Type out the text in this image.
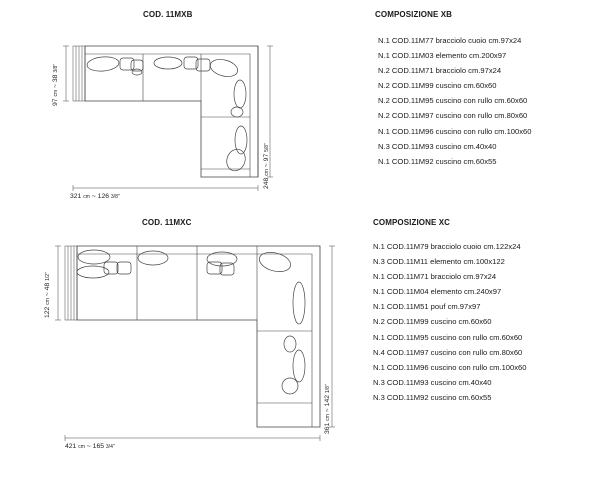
COD. 11MXB	COMPOSIZIONE XB
COD. 11MXC	COMPOSIZIONE XC
N.1 COD.11M77 bracciolo cuoio cm.97x24
N.1 COD.11M03 elemento cm.200x97
N.2 COD.11M71 bracciolo cm.97x24
N.2 COD.11M99 cuscino cm.60x60
N.2 COD.11M95 cuscino con rullo cm.60x60
N.2 COD.11M97 cuscino con rullo cm.80x60
N.1 COD.11M96 cuscino con rullo cm.100x60
N.3 COD.11M93 cuscino cm.40x40
N.1 COD.11M92 cuscino cm.60x55
N.1 COD.11M79 bracciolo cuoio cm.122x24
N.3 COD.11M11 elemento cm.100x122
N.1 COD.11M71 bracciolo cm.97x24
N.1 COD.11M04 elemento cm.240x97
N.1 COD.11M51 pouf cm.97x97
N.2 COD.11M99 cuscino cm.60x60
N.1 COD.11M95 cuscino con rullo cm.60x60
N.4 COD.11M97 cuscino con rullo cm.80x60
N.1 COD.11M96 cuscino con rullo cm.100x60
N.3 COD.11M93 cuscino cm.40x40
N.3 COD.11M92 cuscino cm.60x55
321 cm ~ 126 3/8"
97 cm ~ 38 3/8"
248 cm ~ 97 5/8"
421 cm ~ 165 3/4"
122 cm ~ 48 1/2"
361 cm ~ 142 1/8"
